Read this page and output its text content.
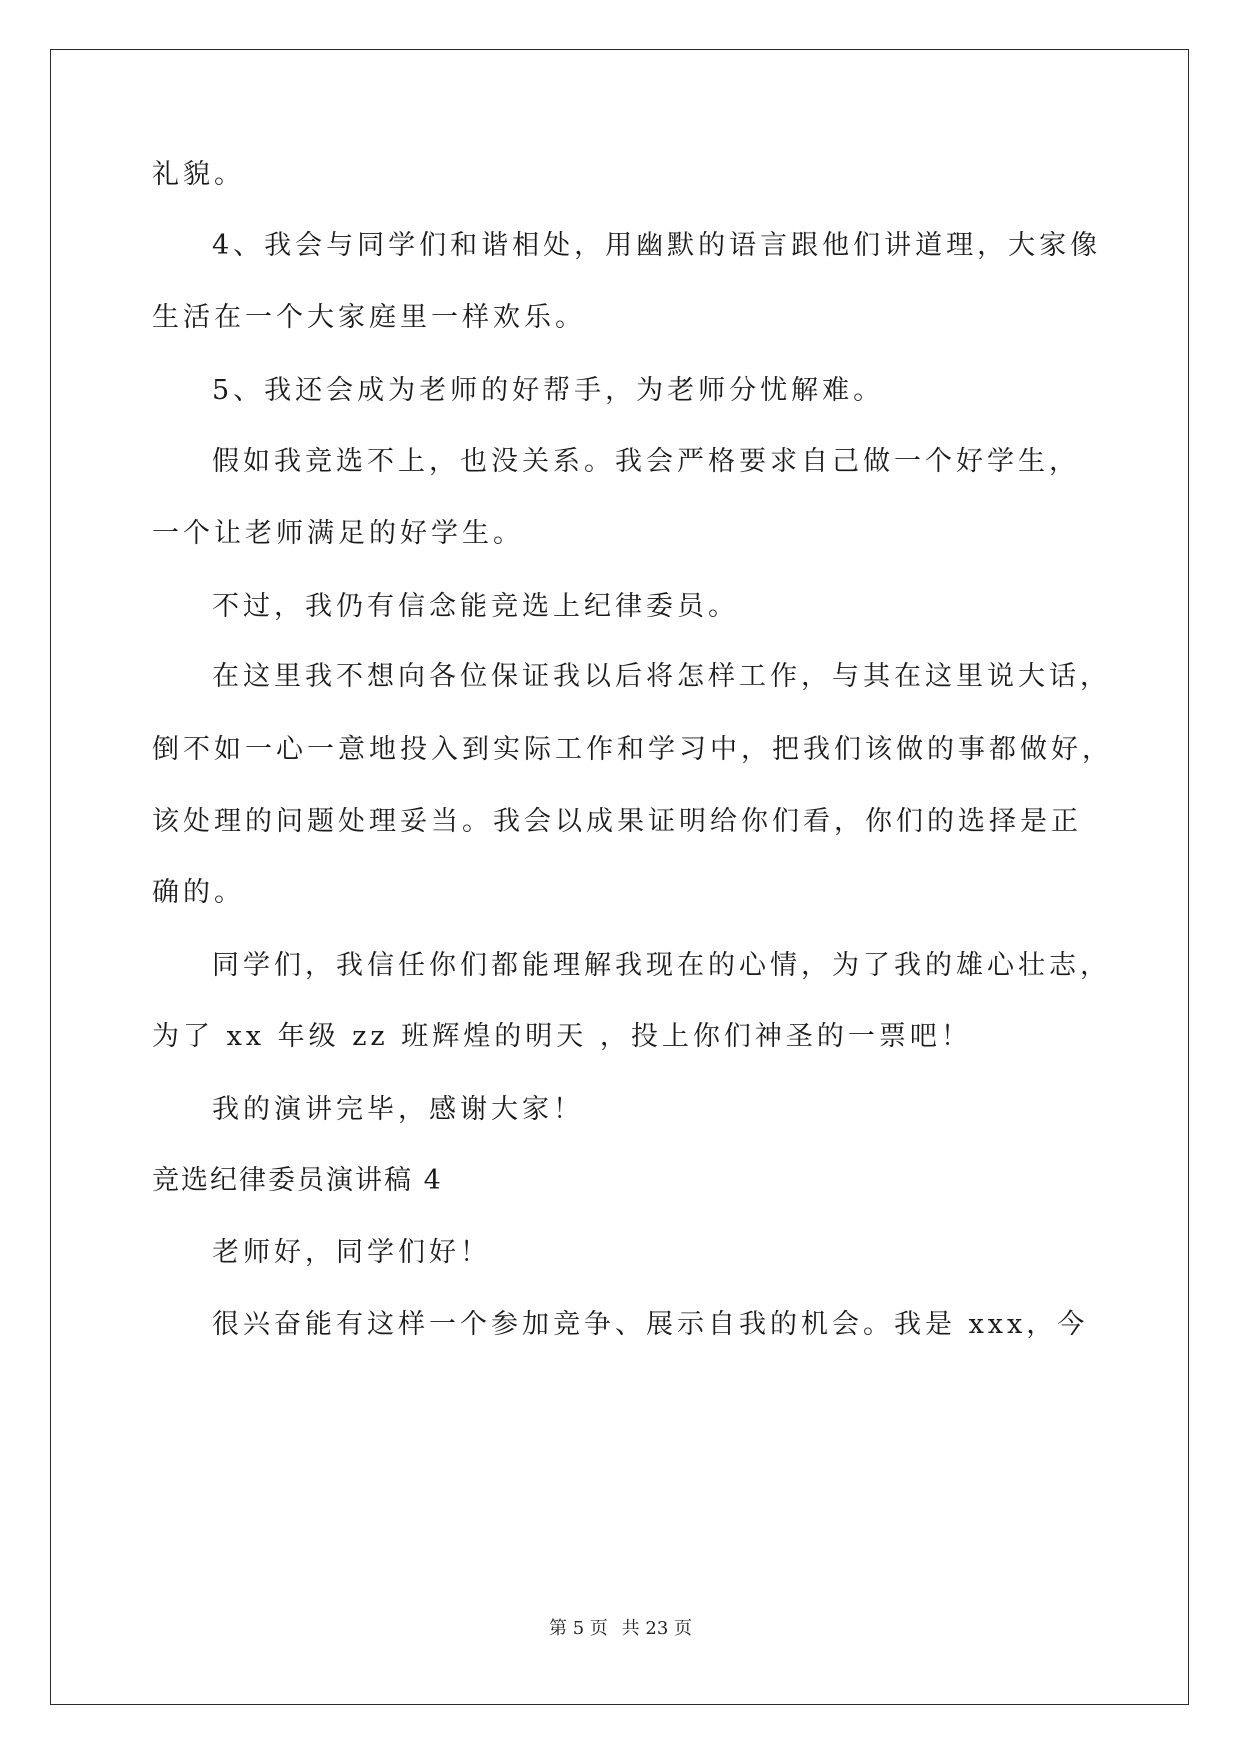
礼貌。
4、我会与同学们和谐相处，用幽默的语言跟他们讲道理，大家像
生活在一个大家庭里一样欢乐。
5、我还会成为老师的好帮手，为老师分忧解难。
假如我竞选不上，也没关系。我会严格要求自己做一个好学生，
一个让老师满足的好学生。
不过，我仍有信念能竞选上纪律委员。
在这里我不想向各位保证我以后将怎样工作，与其在这里说大话，
倒不如一心一意地投入到实际工作和学习中，把我们该做的事都做好，
该处理的问题处理妥当。我会以成果证明给你们看，你们的选择是正
确的。
同学们，我信任你们都能理解我现在的心情，为了我的雄心壮志，
为了 xx 年级 zz 班辉煌的明天 ，投上你们神圣的一票吧！
我的演讲完毕，感谢大家！
竞选纪律委员演讲稿 4
老师好，同学们好！
很兴奋能有这样一个参加竞争、展示自我的机会。我是 xxx，今
第 5 页 共 23 页
